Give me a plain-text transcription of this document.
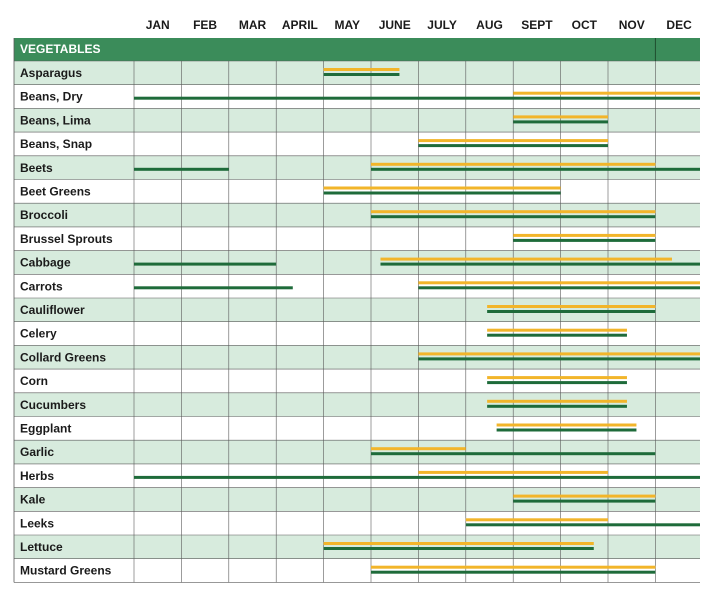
JAN FEB MAR APRIL MAY JUNE JULY AUG SEPT OCT NOV DEC
Asparagus
Beans, Dry
Beans, Lima
Beans, Snap
Beets
Beet Greens
Broccoli
Brussel Sprouts
Cabbage
Carrots
Cauliflower
Celery
Collard Greens
Corn
Cucumbers
Eggplant
Garlic
Herbs
Kale
Leeks
Lettuce
Mustard Greens
VEGETABLES
